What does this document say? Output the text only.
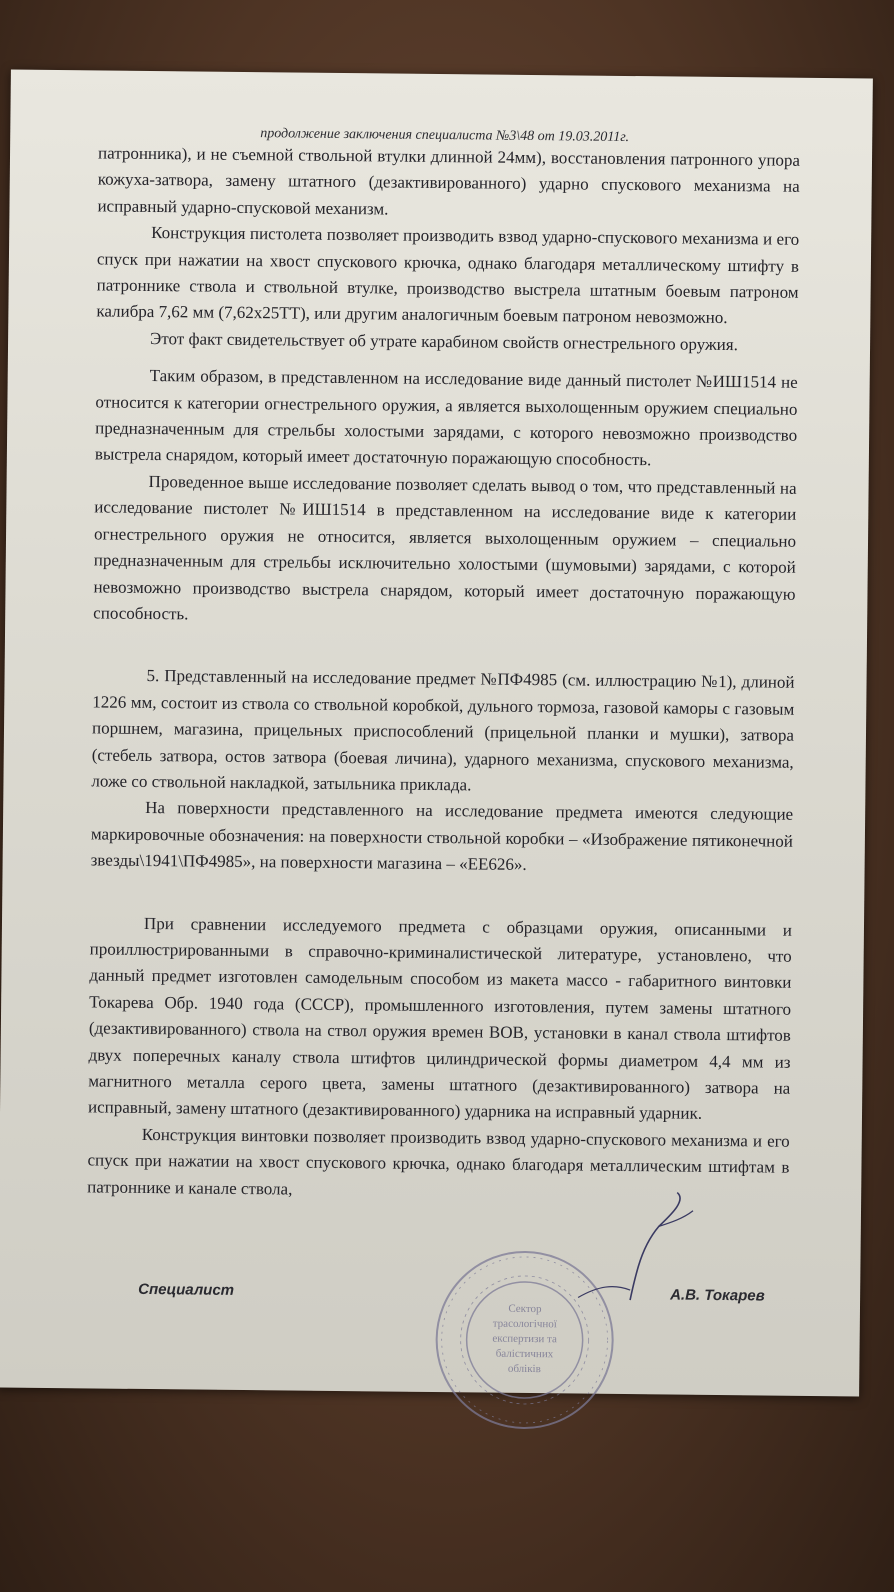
продолжение заключения специалиста №3\48 от 19.03.2011г.

патронника), и не съемной ствольной втулки длинной 24мм), восстановления патронного упора кожуха-затвора, замену штатного (дезактивированного) ударно спускового механизма на исправный ударно-спусковой механизм.

Конструкция пистолета позволяет производить взвод ударно-спускового механизма и его спуск при нажатии на хвост спускового крючка, однако благодаря металлическому штифту в патроннике ствола и ствольной втулке, производство выстрела штатным боевым патроном калибра 7,62 мм (7,62x25ТТ), или другим аналогичным боевым патроном невозможно.

Этот факт свидетельствует об утрате карабином свойств огнестрельного оружия.

Таким образом, в представленном на исследование виде данный пистолет №ИШ1514 не относится к категории огнестрельного оружия, а является выхолощенным оружием специально предназначенным для стрельбы холостыми зарядами, с которого невозможно производство выстрела снарядом, который имеет достаточную поражающую способность.

Проведенное выше исследование позволяет сделать вывод о том, что представленный на исследование пистолет №ИШ1514 в представленном на исследование виде к категории огнестрельного оружия не относится, является выхолощенным оружием – специально предназначенным для стрельбы исключительно холостыми (шумовыми) зарядами, с которой невозможно производство выстрела снарядом, который имеет достаточную поражающую способность.

5. Представленный на исследование предмет №ПФ4985 (см. иллюстрацию №1), длиной 1226 мм, состоит из ствола со ствольной коробкой, дульного тормоза, газовой каморы с газовым поршнем, магазина, прицельных приспособлений (прицельной планки и мушки), затвора (стебель затвора, остов затвора (боевая личина), ударного механизма, спускового механизма, ложе со ствольной накладкой, затыльника приклада.

На поверхности представленного на исследование предмета имеются следующие маркировочные обозначения: на поверхности ствольной коробки – «Изображение пятиконечной звезды\1941\ПФ4985», на поверхности магазина – «ЕЕ626».

При сравнении исследуемого предмета с образцами оружия, описанными и проиллюстрированными в справочно-криминалистической литературе, установлено, что данный предмет изготовлен самодельным способом из макета массо - габаритного винтовки Токарева Обр. 1940 года (СССР), промышленного изготовления, путем замены штатного (дезактивированного) ствола на ствол оружия времен ВОВ, установки в канал ствола штифтов двух поперечных каналу ствола штифтов цилиндрической формы диаметром 4,4 мм из магнитного металла серого цвета, замены штатного (дезактивированного) затвора на исправный, замену штатного (дезактивированного) ударника на исправный ударник.

Конструкция винтовки позволяет производить взвод ударно-спускового механизма и его спуск при нажатии на хвост спускового крючка, однако благодаря металлическим штифтам в патроннике и канале ствола,

Специалист	А.В. Токарев
Сектор
трасологічної
експертизи та
балістичних
обліків
